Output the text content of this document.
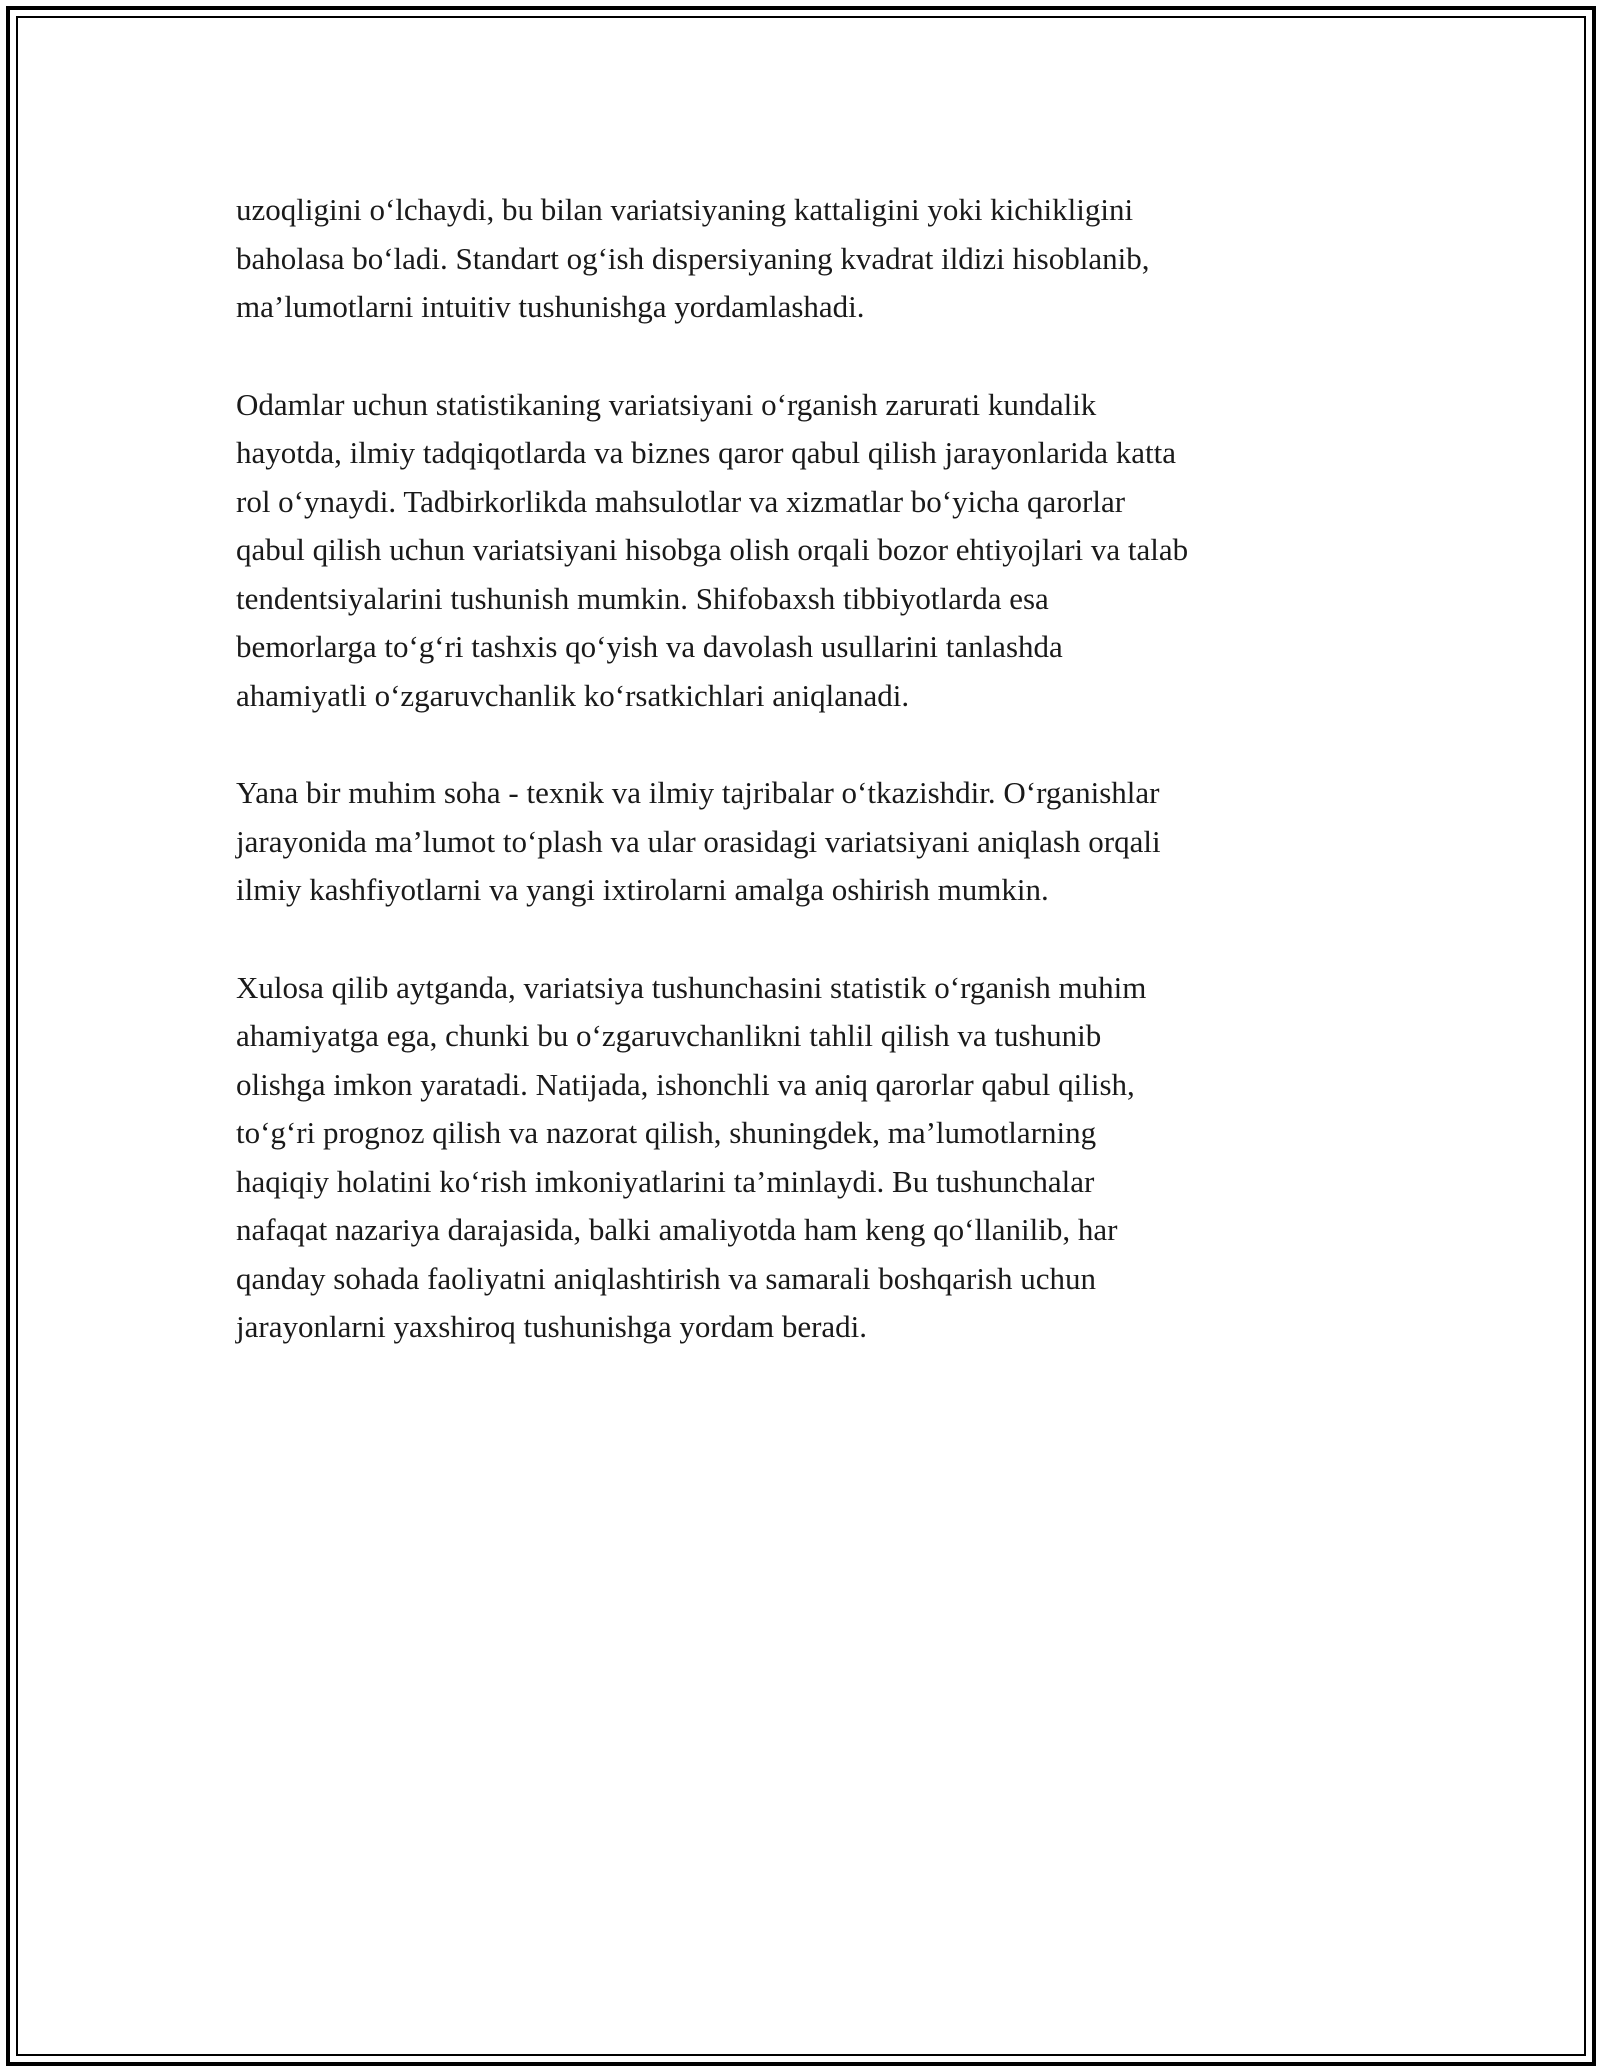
uzoqligini o‘lchaydi, bu bilan variatsiyaning kattaligini yoki kichikligini
baholasa bo‘ladi. Standart og‘ish dispersiyaning kvadrat ildizi hisoblanib,
ma’lumotlarni intuitiv tushunishga yordamlashadi.

Odamlar uchun statistikaning variatsiyani o‘rganish zarurati kundalik
hayotda, ilmiy tadqiqotlarda va biznes qaror qabul qilish jarayonlarida katta
rol o‘ynaydi. Tadbirkorlikda mahsulotlar va xizmatlar bo‘yicha qarorlar
qabul qilish uchun variatsiyani hisobga olish orqali bozor ehtiyojlari va talab
tendentsiyalarini tushunish mumkin. Shifobaxsh tibbiyotlarda esa
bemorlarga to‘g‘ri tashxis qo‘yish va davolash usullarini tanlashda
ahamiyatli o‘zgaruvchanlik ko‘rsatkichlari aniqlanadi.

Yana bir muhim soha - texnik va ilmiy tajribalar o‘tkazishdir. O‘rganishlar
jarayonida ma’lumot to‘plash va ular orasidagi variatsiyani aniqlash orqali
ilmiy kashfiyotlarni va yangi ixtirolarni amalga oshirish mumkin.

Xulosa qilib aytganda, variatsiya tushunchasini statistik o‘rganish muhim
ahamiyatga ega, chunki bu o‘zgaruvchanlikni tahlil qilish va tushunib
olishga imkon yaratadi. Natijada, ishonchli va aniq qarorlar qabul qilish,
to‘g‘ri prognoz qilish va nazorat qilish, shuningdek, ma’lumotlarning
haqiqiy holatini ko‘rish imkoniyatlarini ta’minlaydi. Bu tushunchalar
nafaqat nazariya darajasida, balki amaliyotda ham keng qo‘llanilib, har
qanday sohada faoliyatni aniqlashtirish va samarali boshqarish uchun
jarayonlarni yaxshiroq tushunishga yordam beradi.
